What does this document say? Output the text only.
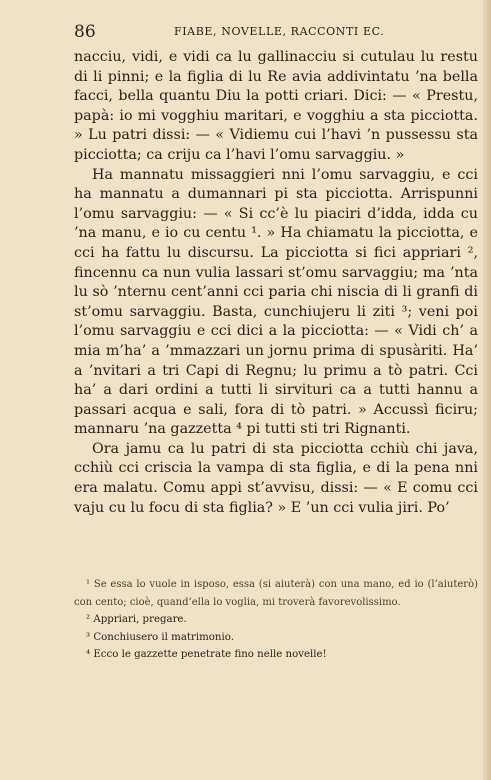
86	FIABE, NOVELLE, RACCONTI EC.

nacciu, vidi, e vidi ca lu gallinacciu si cutulau lu restu di li pinni; e la figlia di lu Re avia addivintatu ’na bella facci, bella quantu Diu la potti criari. Dici: — « Prestu, papà: io mi vogghiu maritari, e vogghiu a sta picciotta. » Lu patri dissi: — « Vidiemu cui l’havi ’n pussessu sta picciotta; ca criju ca l’havi l’omu sarvaggiu. »

Ha mannatu missaggieri nni l’omu sarvaggiu, e cci ha mannatu a dumannari pi sta picciotta. Arrispunni l’omu sarvaggiu: — « Si cc’è lu piaciri d’idda, idda cu ’na manu, e io cu centu ¹. » Ha chiamatu la picciotta, e cci ha fattu lu discursu. La picciotta si fici appriari ², fincennu ca nun vulia lassari st’omu sarvaggiu; ma ’nta lu sò ’nternu cent’anni cci paria chi niscia di li granfi di st’omu sarvaggiu. Basta, cunchiujeru li ziti ³; veni poi l’omu sarvaggiu e cci dici a la picciotta: — « Vidi ch’ a mia m’ha’ a ’mmazzari un jornu prima di spusàriti. Ha’ a ’nvitari a tri Capi di Regnu; lu primu a tò patri. Cci ha’ a dari ordini a tutti li sirvituri ca a tutti hannu a passari acqua e sali, fora di tò patri. » Accussì ficiru; mannaru ’na gazzetta ⁴ pi tutti sti tri Rignanti.

Ora jamu ca lu patri di sta picciotta cchiù chi java, cchiù cci criscia la vampa di sta figlia, e di la pena nni era malatu. Comu appi st’avvisu, dissi: — « E comu cci vaju cu lu focu di sta figlia? » E ’un cci vulia jiri. Po’

¹ Se essa lo vuole in isposo, essa (si aiuterà) con una mano, ed io (l’aiuterò) con cento; cioè, quand’ella lo voglia, mi troverà favorevolissimo.

² Appriari, pregare.

³ Conchiusero il matrimonio.

⁴ Ecco le gazzette penetrate fino nelle novelle!
